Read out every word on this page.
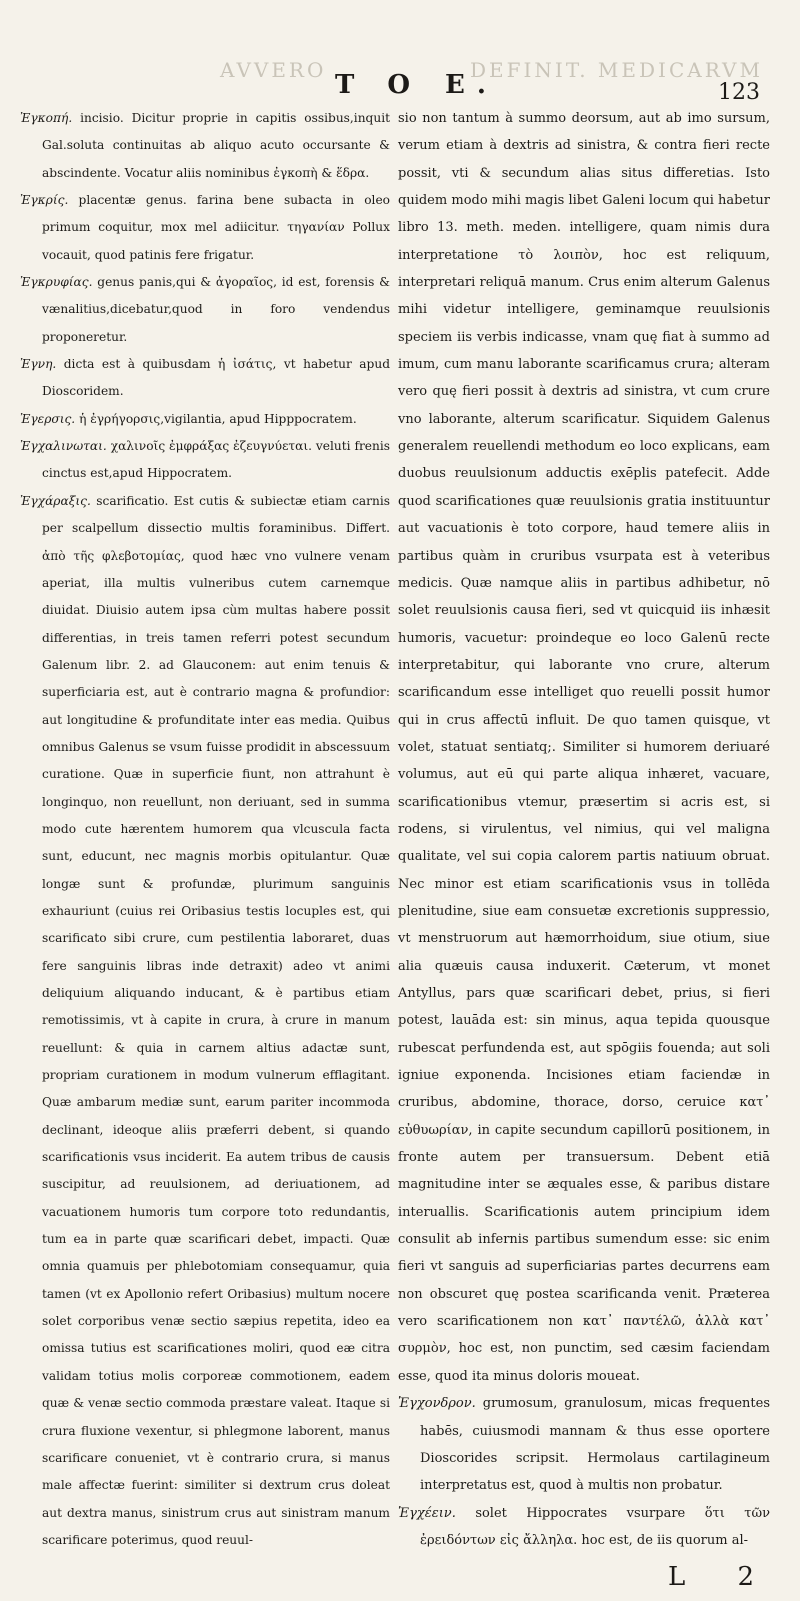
AVVERO	DEFINIT. MEDICARVM
T O E.	123

Ἐγκοπή. incisio. Dicitur proprie in capitis ossibus,inquit Gal.soluta continuitas ab aliquo acuto occursante & abscindente. Vocatur aliis nominibus ἐγκοπὴ & ἕδρα.

Ἐγκρίς. placentæ genus. farina bene subacta in oleo primum coquitur, mox mel adiicitur. τηγανίαν Pollux vocauit, quod patinis fere frigatur.

Ἐγκρυφίας. genus panis,qui & ἀγοραῖος, id est, forensis & vænalitius,dicebatur,quod in foro vendendus proponeretur.

Ἐγνη. dicta est à quibusdam ἡ ἰσάτις, vt habetur apud Dioscoridem.

Ἐγερσις. ἡ ἐγρήγορσις,vigilantia, apud Hipppocratem.

Ἐγχαλινωται. χαλινοῖς ἐμφράξας ἐζευγνύεται. veluti frenis cinctus est,apud Hippocratem.

Ἐγχάραξις. scarificatio. Est cutis & subiectæ etiam carnis per scalpellum dissectio multis foraminibus. Differt. ἀπὸ τῆς φλεβοτομίας, quod hæc vno vulnere venam aperiat, illa multis vulneribus cutem carnemque diuidat. Diuisio autem ipsa cùm multas habere possit differentias, in treis tamen referri potest secundum Galenum libr. 2. ad Glauconem: aut enim tenuis & superficiaria est, aut è contrario magna & profundior: aut longitudine & profunditate inter eas media. Quibus omnibus Galenus se vsum fuisse prodidit in abscessuum curatione. Quæ in superficie fiunt, non attrahunt è longinquo, non reuellunt, non deriuant, sed in summa modo cute hærentem humorem qua vlcuscula facta sunt, educunt, nec magnis morbis opitulantur. Quæ longæ sunt & profundæ, plurimum sanguinis exhauriunt (cuius rei Oribasius testis locuples est, qui scarificato sibi crure, cum pestilentia laboraret, duas fere sanguinis libras inde detraxit) adeo vt animi deliquium aliquando inducant, & è partibus etiam remotissimis, vt à capite in crura, à crure in manum reuellunt: & quia in carnem altius adactæ sunt, propriam curationem in modum vulnerum efflagitant. Quæ ambarum mediæ sunt, earum pariter incommoda declinant, ideoque aliis præferri debent, si quando scarificationis vsus inciderit. Ea autem tribus de causis suscipitur, ad reuulsionem, ad deriuationem, ad vacuationem humoris tum corpore toto redundantis, tum ea in parte quæ scarificari debet, impacti. Quæ omnia quamuis per phlebotomiam consequamur, quia tamen (vt ex Apollonio refert Oribasius) multum nocere solet corporibus venæ sectio sæpius repetita, ideo ea omissa tutius est scarificationes moliri, quod eæ citra validam totius molis corporeæ commotionem, eadem quæ & venæ sectio commoda præstare valeat. Itaque si crura fluxione vexentur, si phlegmone laborent, manus scarificare conueniet, vt è contrario crura, si manus male affectæ fuerint: similiter si dextrum crus doleat aut dextra manus, sinistrum crus aut sinistram manum scarificare poterimus, quod reuul-

sio non tantum à summo deorsum, aut ab imo sursum, verum etiam à dextris ad sinistra, & contra fieri recte possit, vti & secundum alias situs differetias. Isto quidem modo mihi magis libet Galeni locum qui habetur libro 13. meth. meden. intelligere, quam nimis dura interpretatione τὸ λοιπὸν, hoc est reliquum, interpretari reliquā manum. Crus enim alterum Galenus mihi videtur intelligere, geminamque reuulsionis speciem iis verbis indicasse, vnam quę fiat à summo ad imum, cum manu laborante scarificamus crura; alteram vero quę fieri possit à dextris ad sinistra, vt cum crure vno laborante, alterum scarificatur. Siquidem Galenus generalem reuellendi methodum eo loco explicans, eam duobus reuulsionum adductis exēplis patefecit. Adde quod scarificationes quæ reuulsionis gratia instituuntur aut vacuationis è toto corpore, haud temere aliis in partibus quàm in cruribus vsurpata est à veteribus medicis. Quæ namque aliis in partibus adhibetur, nō solet reuulsionis causa fieri, sed vt quicquid iis inhæsit humoris, vacuetur: proindeque eo loco Galenū recte interpretabitur, qui laborante vno crure, alterum scarificandum esse intelliget quo reuelli possit humor qui in crus affectū influit. De quo tamen quisque, vt volet, statuat sentiatq;. Similiter si humorem deriuaré volumus, aut eū qui parte aliqua inhæret, vacuare, scarificationibus vtemur, præsertim si acris est, si rodens, si virulentus, vel nimius, qui vel maligna qualitate, vel sui copia calorem partis natiuum obruat. Nec minor est etiam scarificationis vsus in tollēda plenitudine, siue eam consuetæ excretionis suppressio, vt menstruorum aut hæmorrhoidum, siue otium, siue alia quæuis causa induxerit. Cæterum, vt monet Antyllus, pars quæ scarificari debet, prius, si fieri potest, lauāda est: sin minus, aqua tepida quousque rubescat perfundenda est, aut spōgiis fouenda; aut soli igniue exponenda. Incisiones etiam faciendæ in cruribus, abdomine, thorace, dorso, ceruice κατ᾽ εὐθυωρίαν, in capite secundum capillorū positionem, in fronte autem per transuersum. Debent etiā magnitudine inter se æquales esse, & paribus distare interuallis. Scarificationis autem principium idem consulit ab infernis partibus sumendum esse: sic enim fieri vt sanguis ad superficiarias partes decurrens eam non obscuret quę postea scarificanda venit. Præterea vero scarificationem non κατ᾽ παντέλῶ, ἀλλὰ κατ᾽ συρμὸν, hoc est, non punctim, sed cæsim faciendam esse, quod ita minus doloris moueat.

Ἐγχονδρον. grumosum, granulosum, micas frequentes habēs, cuiusmodi mannam & thus esse oportere Dioscorides scripsit. Hermolaus cartilagineum interpretatus est, quod à multis non probatur.

Ἐγχέειν. solet Hippocrates vsurpare ὅτι τῶν ἐρειδόντων εἰς ἄλληλα. hoc est, de iis quorum al-

L 2
